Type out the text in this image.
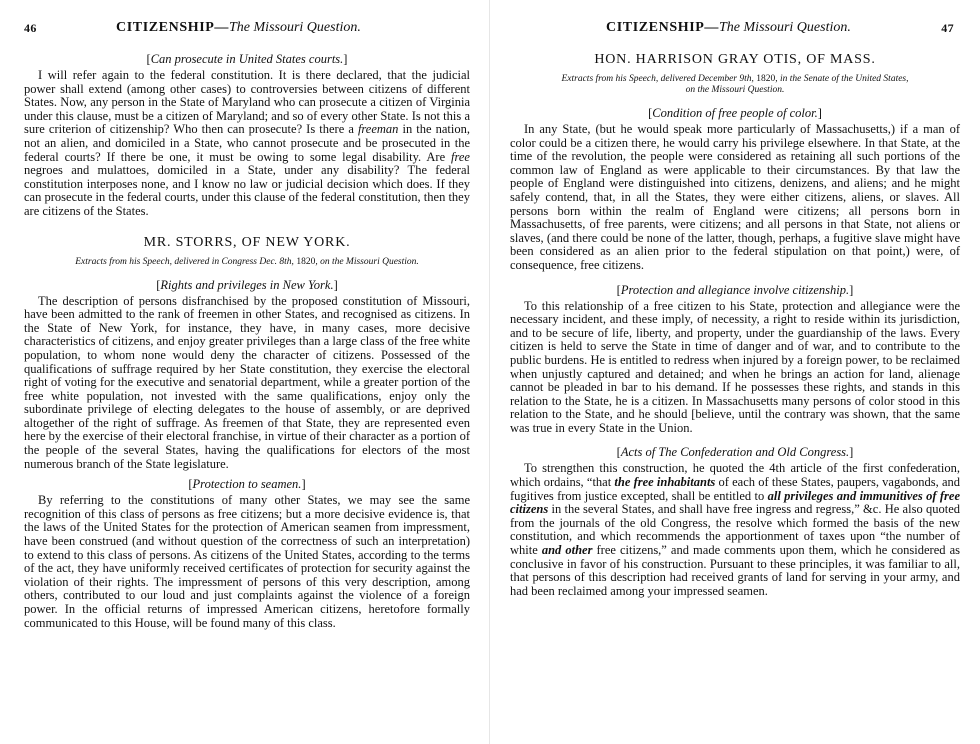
46	CITIZENSHIP—The Missouri Question.
[Can prosecute in United States courts.]

I will refer again to the federal constitution. It is there declared, that the judicial power shall extend (among other cases) to controversies between citizens of different States. Now, any person in the State of Maryland who can prosecute a citizen of Virginia under this clause, must be a citizen of Maryland; and so of every other State. Is not this a sure criterion of citizenship? Who then can prosecute? Is there a freeman in the nation, not an alien, and domiciled in a State, who cannot prosecute and be prosecuted in the federal courts? If there be one, it must be owing to some legal disability. Are free negroes and mulattoes, domiciled in a State, under any disability? The federal constitution interposes none, and I know no law or judicial decision which does. If they can prosecute in the federal courts, under this clause of the federal constitution, then they are citizens of the States.

MR. STORRS, OF NEW YORK.
Extracts from his Speech, delivered in Congress Dec. 8th, 1820, on the Missouri Question.
[Rights and privileges in New York.]

The description of persons disfranchised by the proposed constitution of Missouri, have been admitted to the rank of freemen in other States, and recognised as citizens. In the State of New York, for instance, they have, in many cases, more decisive characteristics of citizens, and enjoy greater privileges than a large class of the free white population, to whom none would deny the character of citizens. Possessed of the qualifications of suffrage required by her State constitution, they exercise the electoral right of voting for the executive and senatorial department, while a greater portion of the free white population, not invested with the same qualifications, enjoy only the subordinate privilege of electing delegates to the house of assembly, or are deprived altogether of the right of suffrage. As freemen of that State, they are represented even here by the exercise of their electoral franchise, in virtue of their character as a portion of the people of the several States, having the qualifications for electors of the most numerous branch of the State legislature.

[Protection to seamen.]

By referring to the constitutions of many other States, we may see the same recognition of this class of persons as free citizens; but a more decisive evidence is, that the laws of the United States for the protection of American seamen from impressment, have been construed (and without question of the correctness of such an interpretation) to extend to this class of persons. As citizens of the United States, according to the terms of the act, they have uniformly received certificates of protection for security against the violation of their rights. The impressment of persons of this very description, among others, contributed to our loud and just complaints against the violence of a foreign power. In the official returns of impressed American citizens, heretofore formally communicated to this House, will be found many of this class.

CITIZENSHIP—The Missouri Question.	47
HON. HARRISON GRAY OTIS, OF MASS.
Extracts from his Speech, delivered December 9th, 1820, in the Senate of the United States,
on the Missouri Question.
[Condition of free people of color.]

In any State, (but he would speak more particularly of Massachusetts,) if a man of color could be a citizen there, he would carry his privilege elsewhere. In that State, at the time of the revolution, the people were considered as retaining all such portions of the common law of England as were applicable to their circumstances. By that law the people of England were distinguished into citizens, denizens, and aliens; and he might safely contend, that, in all the States, they were either citizens, aliens, or slaves. All persons born within the realm of England were citizens; all persons born in Massachusetts, of free parents, were citizens; and all persons in that State, not aliens or slaves, (and there could be none of the latter, though, perhaps, a fugitive slave might have been considered as an alien prior to the federal stipulation on that point,) were, of consequence, free citizens.

[Protection and allegiance involve citizenship.]

To this relationship of a free citizen to his State, protection and allegiance were the necessary incident, and these imply, of necessity, a right to reside within its jurisdiction, and to be secure of life, liberty, and property, under the guardianship of the laws. Every citizen is held to serve the State in time of danger and of war, and to contribute to the public burdens. He is entitled to redress when injured by a foreign power, to be reclaimed when unjustly captured and detained; and when he brings an action for land, alienage cannot be pleaded in bar to his demand. If he possesses these rights, and stands in this relation to the State, he is a citizen. In Massachusetts many persons of color stood in this relation to the State, and he should [believe, until the contrary was shown, that the same was true in every State in the Union.

[Acts of The Confederation and Old Congress.]

To strengthen this construction, he quoted the 4th article of the first confederation, which ordains, “that the free inhabitants of each of these States, paupers, vagabonds, and fugitives from justice excepted, shall be entitled to all privileges and immunitives of free citizens in the several States, and shall have free ingress and regress,” &c. He also quoted from the journals of the old Congress, the resolve which formed the basis of the new constitution, and which recommends the apportionment of taxes upon “the number of white and other free citizens,” and made comments upon them, which he considered as conclusive in favor of his construction. Pursuant to these principles, it was familiar to all, that persons of this description had received grants of land for serving in your army, and had been reclaimed among your impressed seamen.
